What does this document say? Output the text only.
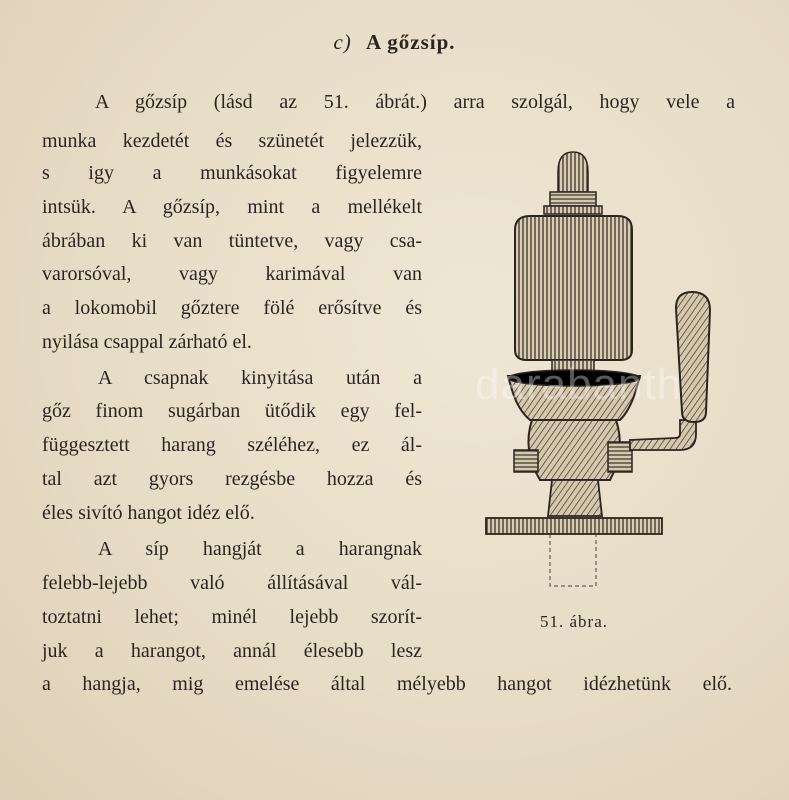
c) A gőzsíp.
A gőzsíp (lásd az 51. ábrát.) arra szolgál, hogy vele a
munka kezdetét és szünetét jelezzük,
s igy a munkásokat figyelemre
intsük. A gőzsíp, mint a mellékelt
ábrában ki van tüntetve, vagy csa-
varorsóval, vagy karimával van
a lokomobil gőztere fölé erősítve és
nyilása csappal zárható el.
A csapnak kinyitása után a
gőz finom sugárban ütődik egy fel-
függesztett harang széléhez, ez ál-
tal azt gyors rezgésbe hozza és
éles sivító hangot idéz elő.
A síp hangját a harangnak
felebb-lejebb való állításával vál-
toztatni lehet; minél lejebb szorít-
juk a harangot, annál élesebb lesz
a hangja, mig emelése által mélyebb hangot idézhetünk elő.
51. ábra.
darabanth
